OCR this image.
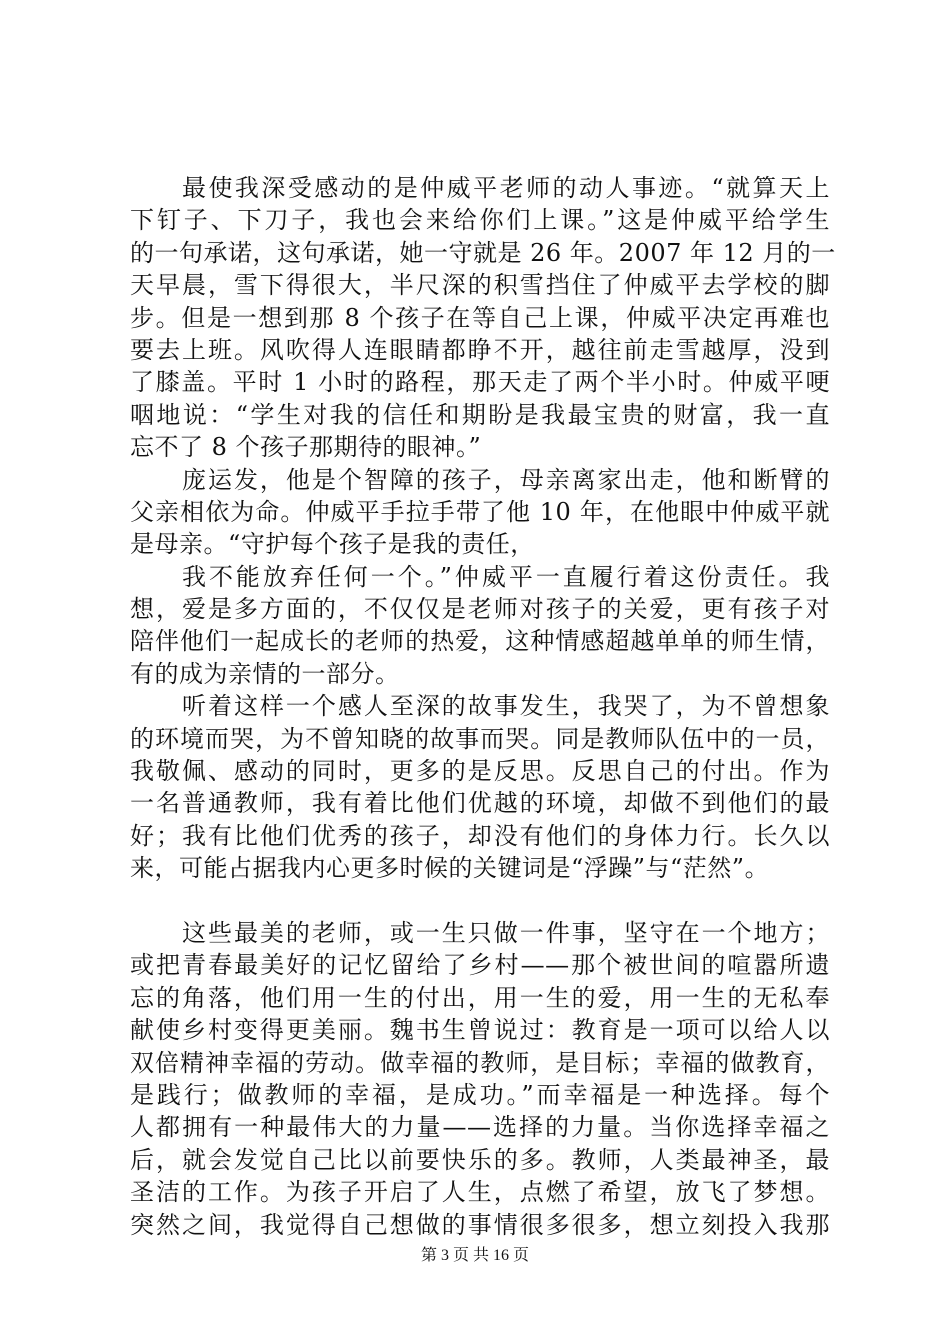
最使我深受感动的是仲威平老师的动人事迹。“就算天上
下钉子、下刀子，我也会来给你们上课。”这是仲威平给学生
的一句承诺，这句承诺，她一守就是 26 年。2007 年 12 月的一
天早晨，雪下得很大，半尺深的积雪挡住了仲威平去学校的脚
步。但是一想到那 8 个孩子在等自己上课，仲威平决定再难也
要去上班。风吹得人连眼睛都睁不开，越往前走雪越厚，没到
了膝盖。平时 1 小时的路程，那天走了两个半小时。仲威平哽
咽地说：“学生对我的信任和期盼是我最宝贵的财富，我一直
忘不了 8 个孩子那期待的眼神。”
庞运发，他是个智障的孩子，母亲离家出走，他和断臂的
父亲相依为命。仲威平手拉手带了他 10 年，在他眼中仲威平就
是母亲。“守护每个孩子是我的责任，
我不能放弃任何一个。”仲威平一直履行着这份责任。我
想，爱是多方面的，不仅仅是老师对孩子的关爱，更有孩子对
陪伴他们一起成长的老师的热爱，这种情感超越单单的师生情，
有的成为亲情的一部分。
听着这样一个感人至深的故事发生，我哭了，为不曾想象
的环境而哭，为不曾知晓的故事而哭。同是教师队伍中的一员，
我敬佩、感动的同时，更多的是反思。反思自己的付出。作为
一名普通教师，我有着比他们优越的环境，却做不到他们的最
好；我有比他们优秀的孩子，却没有他们的身体力行。长久以
来，可能占据我内心更多时候的关键词是“浮躁”与“茫然”。
这些最美的老师，或一生只做一件事，坚守在一个地方；
或把青春最美好的记忆留给了乡村——那个被世间的喧嚣所遗
忘的角落，他们用一生的付出，用一生的爱，用一生的无私奉
献使乡村变得更美丽。魏书生曾说过：教育是一项可以给人以
双倍精神幸福的劳动。做幸福的教师，是目标；幸福的做教育，
是践行；做教师的幸福，是成功。”而幸福是一种选择。每个
人都拥有一种最伟大的力量——选择的力量。当你选择幸福之
后，就会发觉自己比以前要快乐的多。教师，人类最神圣，最
圣洁的工作。为孩子开启了人生，点燃了希望，放飞了梦想。
突然之间，我觉得自己想做的事情很多很多，想立刻投入我那
第 3 页 共 16 页
